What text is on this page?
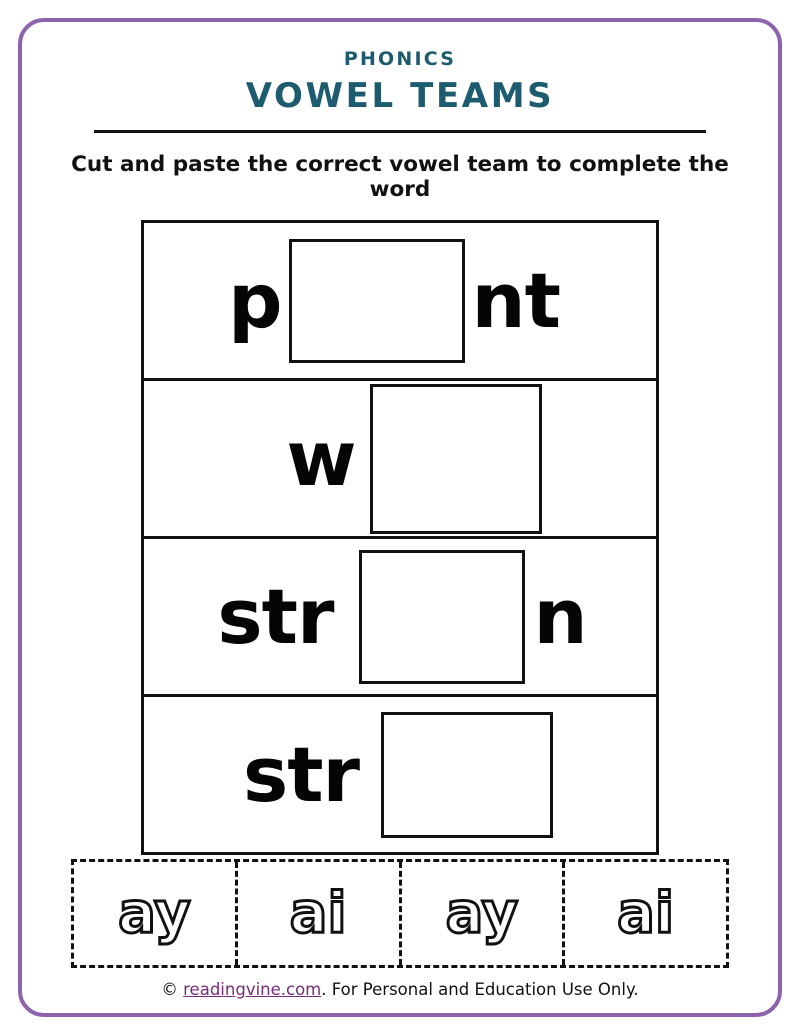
PHONICS
VOWEL TEAMS
Cut and paste the correct vowel team to complete the word
p	nt
w
str	n
str
ay ai ay ai
© readingvine.com. For Personal and Education Use Only.
